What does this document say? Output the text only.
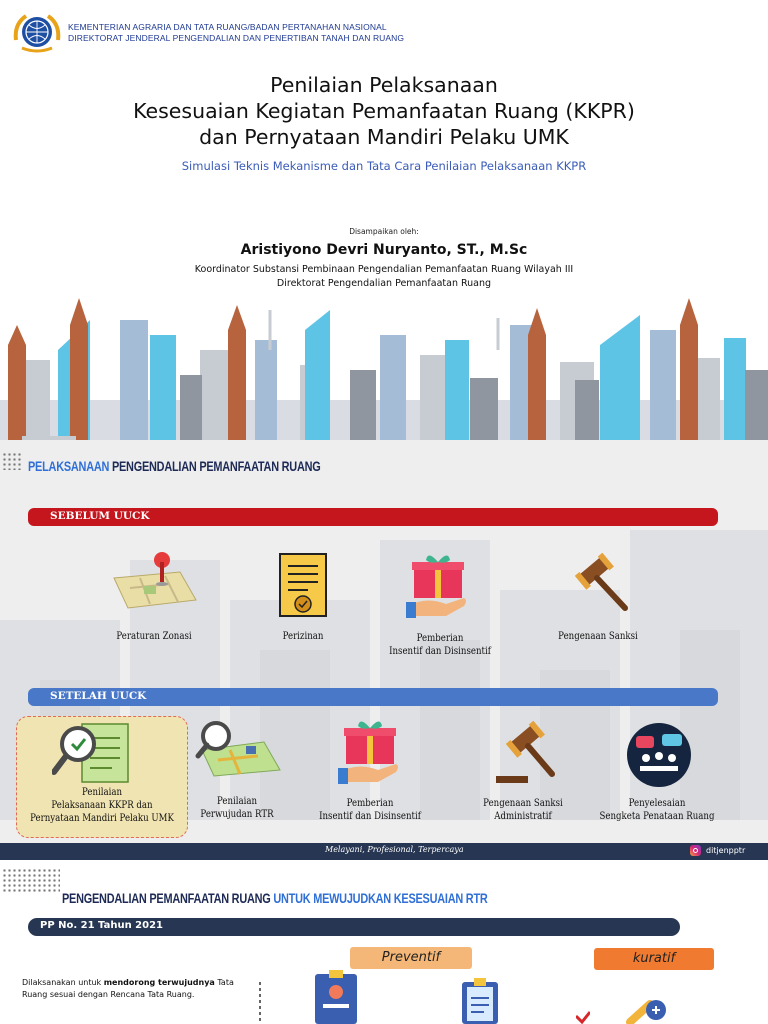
KEMENTERIAN AGRARIA DAN TATA RUANG/BADAN PERTANAHAN NASIONAL
DIREKTORAT JENDERAL PENGENDALIAN DAN PENERTIBAN TANAH DAN RUANG
Penilaian Pelaksanaan
Kesesuaian Kegiatan Pemanfaatan Ruang (KKPR)
dan Pernyataan Mandiri Pelaku UMK
Simulasi Teknis Mekanisme dan Tata Cara Penilaian Pelaksanaan KKPR
Disampaikan oleh:
Aristiyono Devri Nuryanto, ST., M.Sc
Koordinator Substansi Pembinaan Pengendalian Pemanfaatan Ruang Wilayah III
Direktorat Pengendalian Pemanfaatan Ruang
PELAKSANAAN PENGENDALIAN PEMANFAATAN RUANG
SEBELUM UUCK
Peraturan Zonasi	Perizinan	Pemberian
Insentif dan Disinsentif
Pengenaan Sanksi
SETELAH UUCK
Penilaian
Pelaksanaan KKPR dan
Pernyataan Mandiri Pelaku UMK
Penilaian
Perwujudan RTR
Pemberian
Insentif dan Disinsentif
Pengenaan Sanksi
Administratif
Penyelesaian
Sengketa Penataan Ruang
Melayani, Profesional, Terpercaya	ditjenpptr
PENGENDALIAN PEMANFAATAN RUANG UNTUK MEWUJUDKAN KESESUAIAN RTR
PP No. 21 Tahun 2021
Preventif	kuratif
Dilaksanakan untuk mendorong terwujudnya Tata Ruang sesuai dengan Rencana Tata Ruang.
